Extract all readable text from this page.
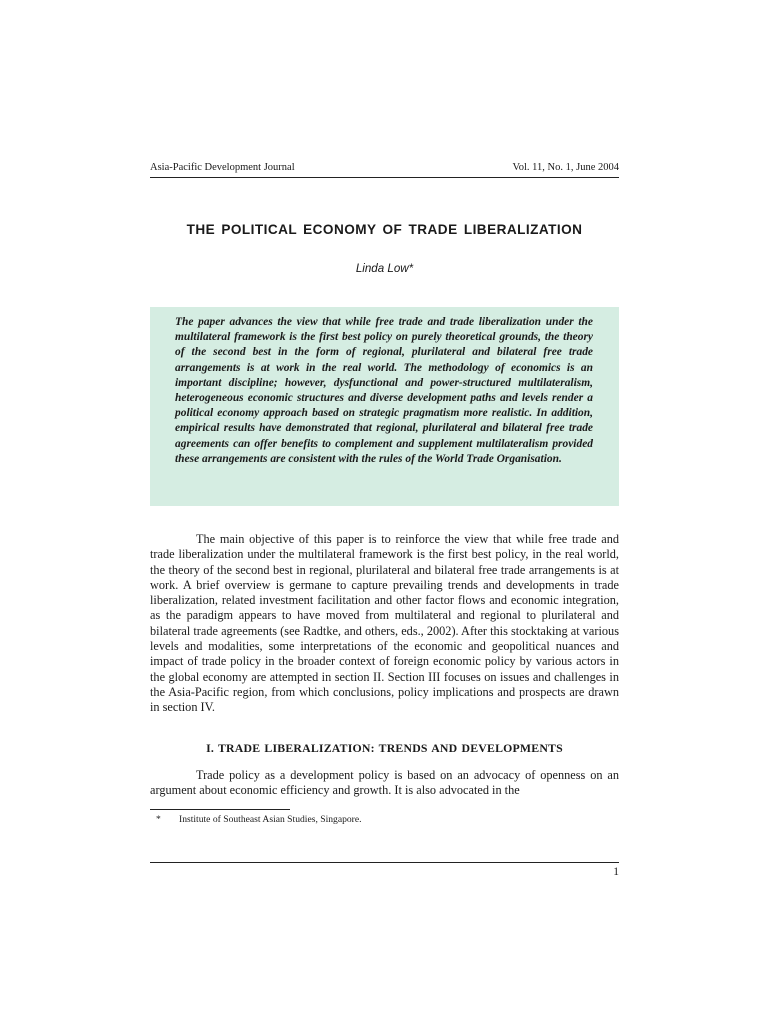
Asia-Pacific Development Journal	Vol. 11, No. 1, June 2004
THE POLITICAL ECONOMY OF TRADE LIBERALIZATION
Linda Low*
The paper advances the view that while free trade and trade liberalization under the multilateral framework is the first best policy on purely theoretical grounds, the theory of the second best in the form of regional, plurilateral and bilateral free trade arrangements is at work in the real world. The methodology of economics is an important discipline; however, dysfunctional and power-structured multilateralism, heterogeneous economic structures and diverse development paths and levels render a political economy approach based on strategic pragmatism more realistic. In addition, empirical results have demonstrated that regional, plurilateral and bilateral free trade agreements can offer benefits to complement and supplement multilateralism provided these arrangements are consistent with the rules of the World Trade Organisation.
The main objective of this paper is to reinforce the view that while free trade and trade liberalization under the multilateral framework is the first best policy, in the real world, the theory of the second best in regional, plurilateral and bilateral free trade arrangements is at work. A brief overview is germane to capture prevailing trends and developments in trade liberalization, related investment facilitation and other factor flows and economic integration, as the paradigm appears to have moved from multilateral and regional to plurilateral and bilateral trade agreements (see Radtke, and others, eds., 2002). After this stocktaking at various levels and modalities, some interpretations of the economic and geopolitical nuances and impact of trade policy in the broader context of foreign economic policy by various actors in the global economy are attempted in section II. Section III focuses on issues and challenges in the Asia-Pacific region, from which conclusions, policy implications and prospects are drawn in section IV.
I. TRADE LIBERALIZATION: TRENDS AND DEVELOPMENTS
Trade policy as a development policy is based on an advocacy of openness on an argument about economic efficiency and growth. It is also advocated in the
* Institute of Southeast Asian Studies, Singapore.
1
